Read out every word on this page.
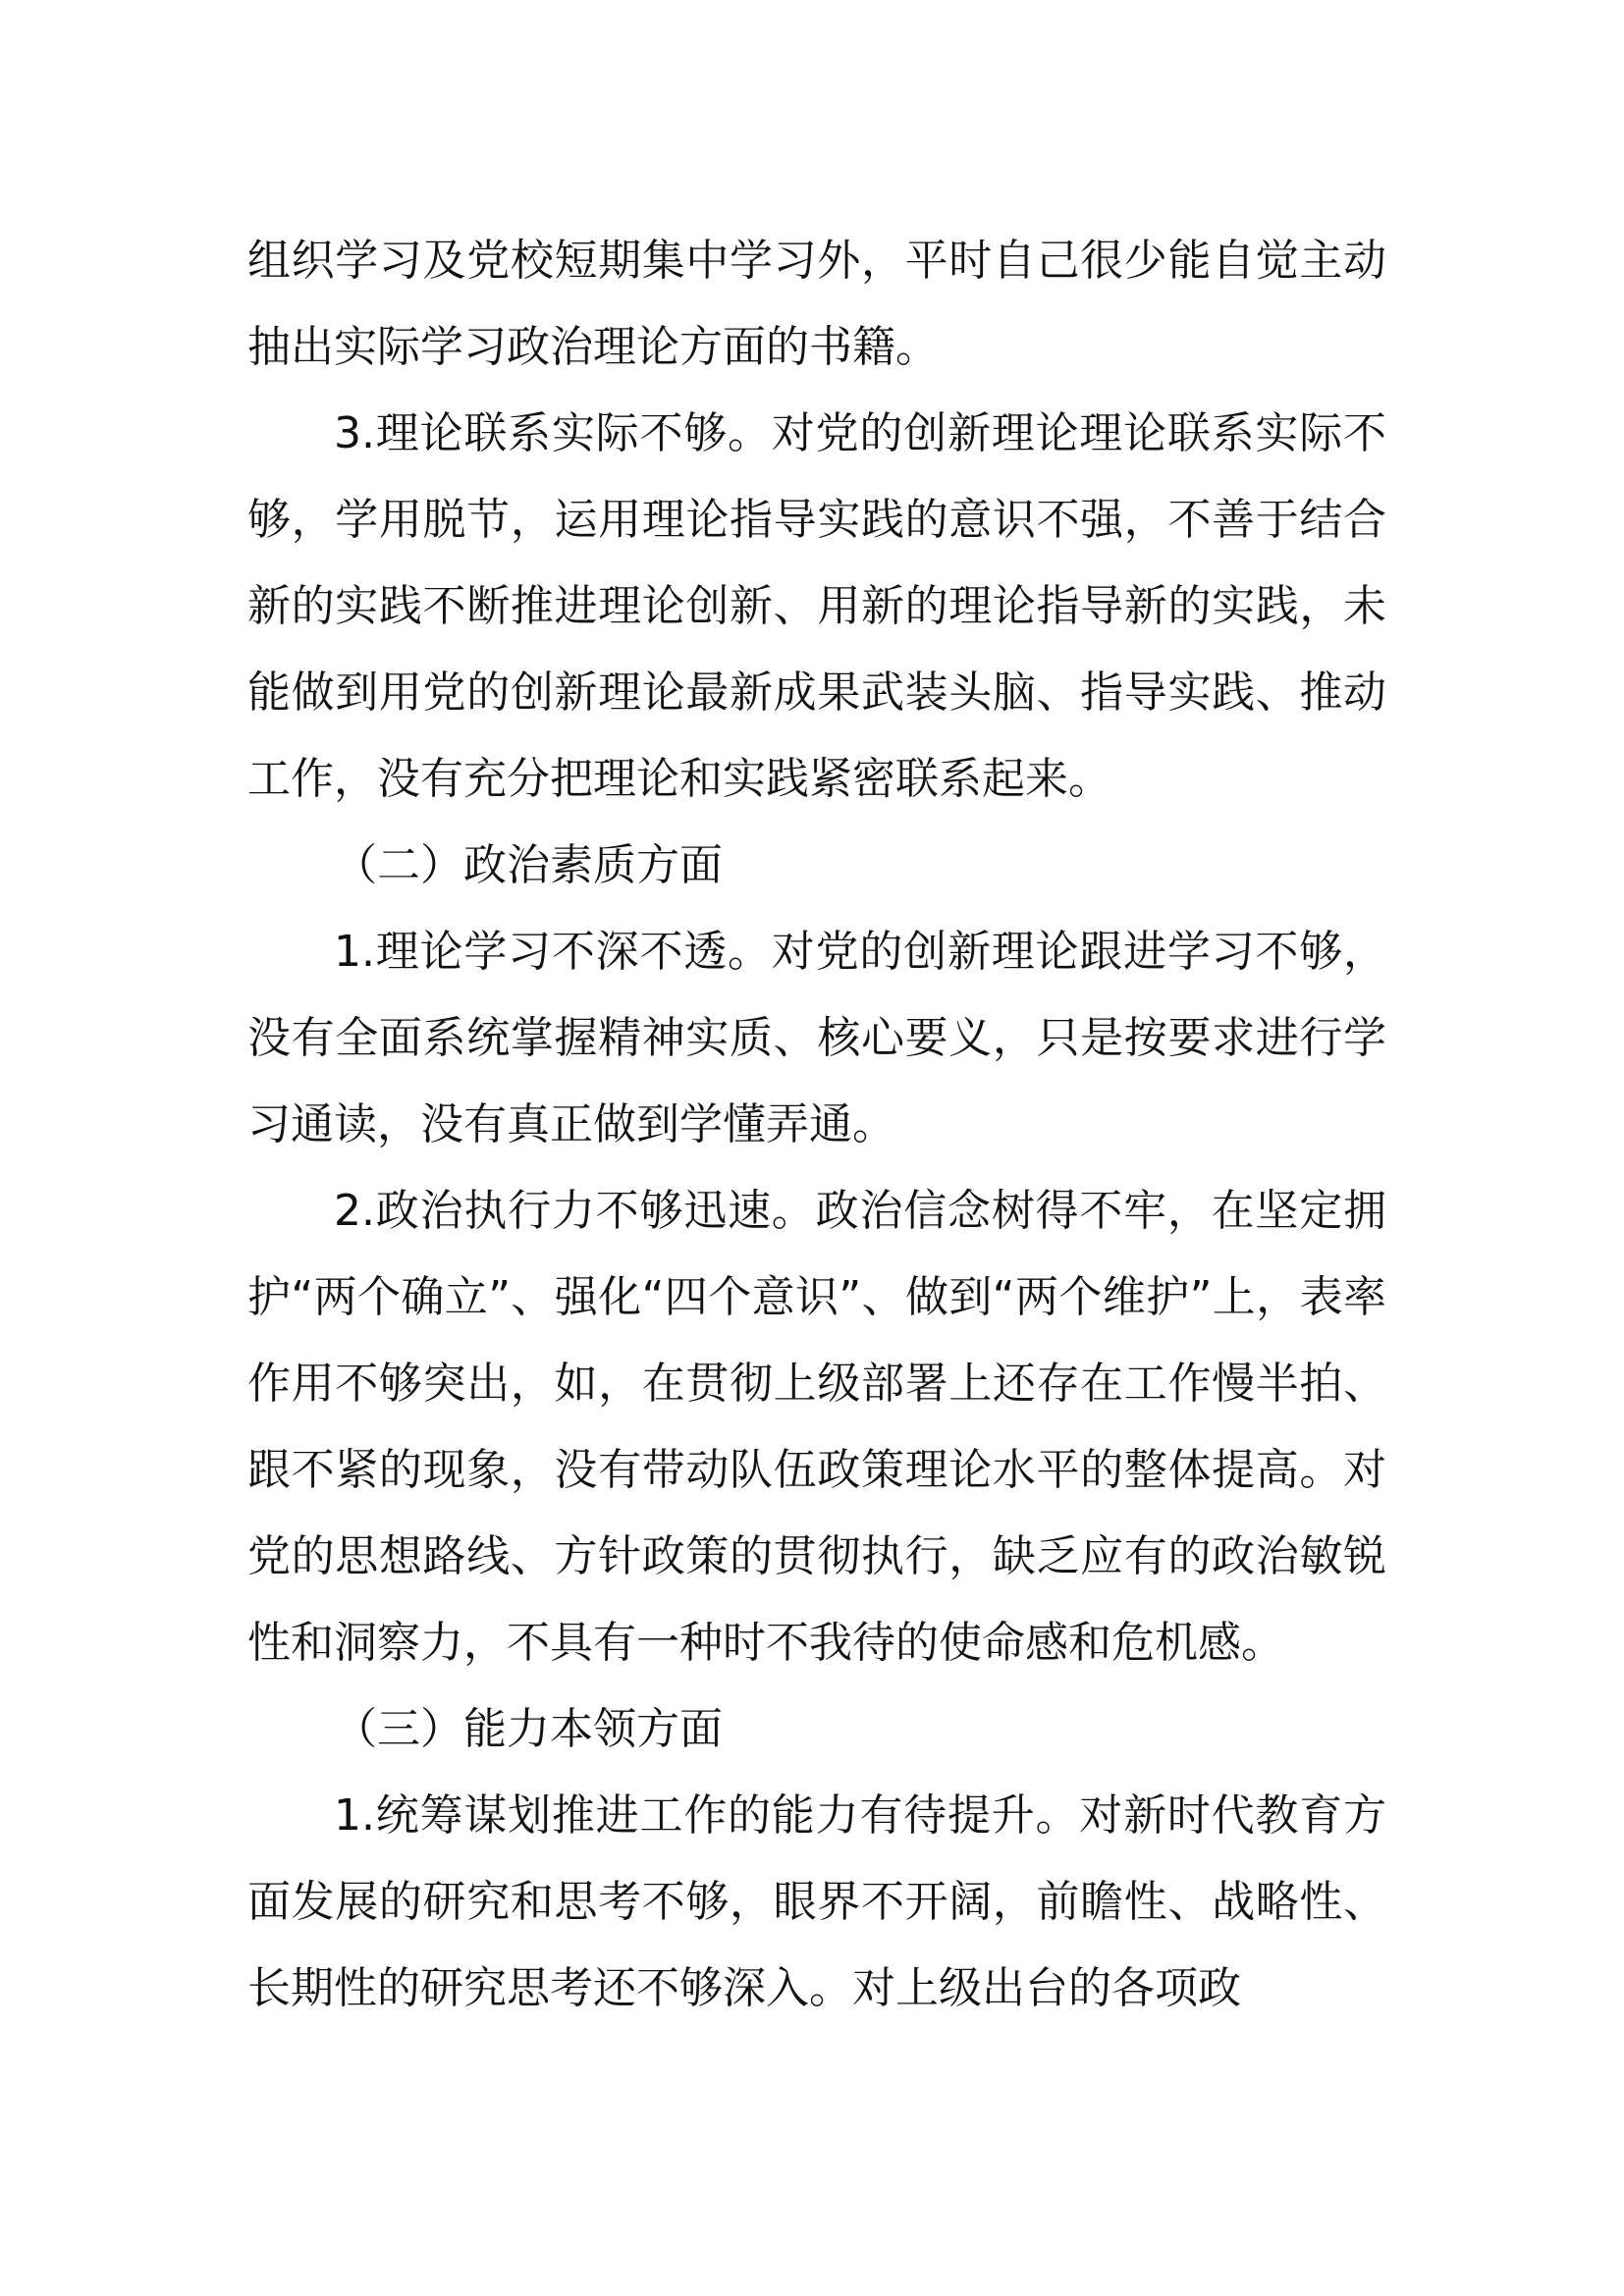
组织学习及党校短期集中学习外，平时自己很少能自觉主动抽出实际学习政治理论方面的书籍。

3.理论联系实际不够。对党的创新理论理论联系实际不够，学用脱节，运用理论指导实践的意识不强，不善于结合新的实践不断推进理论创新、用新的理论指导新的实践，未能做到用党的创新理论最新成果武装头脑、指导实践、推动工作，没有充分把理论和实践紧密联系起来。

（二）政治素质方面

1.理论学习不深不透。对党的创新理论跟进学习不够，没有全面系统掌握精神实质、核心要义，只是按要求进行学习通读，没有真正做到学懂弄通。

2.政治执行力不够迅速。政治信念树得不牢，在坚定拥护“两个确立”、强化“四个意识”、做到“两个维护”上，表率作用不够突出，如，在贯彻上级部署上还存在工作慢半拍、跟不紧的现象，没有带动队伍政策理论水平的整体提高。对党的思想路线、方针政策的贯彻执行，缺乏应有的政治敏锐性和洞察力，不具有一种时不我待的使命感和危机感。

（三）能力本领方面

1.统筹谋划推进工作的能力有待提升。对新时代教育方面发展的研究和思考不够，眼界不开阔，前瞻性、战略性、长期性的研究思考还不够深入。对上级出台的各项政
